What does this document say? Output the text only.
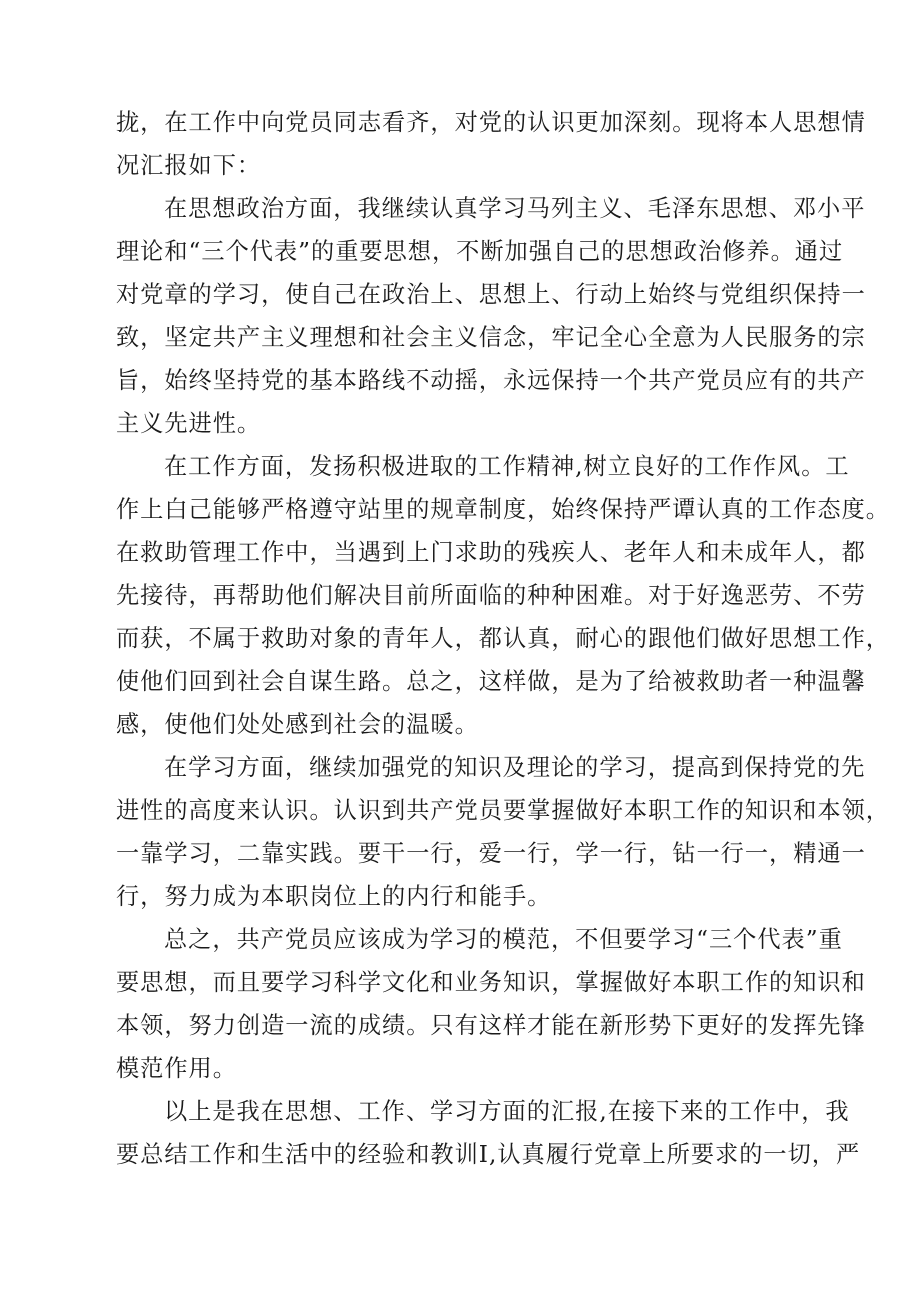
拢，在工作中向党员同志看齐，对党的认识更加深刻。现将本人思想情
况汇报如下：
在思想政治方面，我继续认真学习马列主义、毛泽东思想、邓小平
理论和“三个代表”的重要思想，不断加强自己的思想政治修养。通过
对党章的学习，使自己在政治上、思想上、行动上始终与党组织保持一
致，坚定共产主义理想和社会主义信念，牢记全心全意为人民服务的宗
旨，始终坚持党的基本路线不动摇，永远保持一个共产党员应有的共产
主义先进性。
在工作方面，发扬积极进取的工作精神,树立良好的工作作风。工
作上白己能够严格遵守站里的规章制度，始终保持严谭认真的工作态度。
在救助管理工作中，当遇到上门求助的残疾人、老年人和未成年人，都
先接待，再帮助他们解决目前所面临的种种困难。对于好逸恶劳、不劳
而获，不属于救助对象的青年人，都认真，耐心的跟他们做好思想工作，
使他们回到社会自谋生路。总之，这样做，是为了给被救助者一种温馨
感，使他们处处感到社会的温暖。
在学习方面，继续加强党的知识及理论的学习，提高到保持党的先
进性的高度来认识。认识到共产党员要掌握做好本职工作的知识和本领，
一靠学习，二靠实践。要干一行，爱一行，学一行，钻一行一，精通一
行，努力成为本职岗位上的内行和能手。
总之，共产党员应该成为学习的模范，不但要学习“三个代表”重
要思想，而且要学习科学文化和业务知识，掌握做好本职工作的知识和
本领，努力创造一流的成绩。只有这样才能在新形势下更好的发挥先锋
模范作用。
以上是我在思想、工作、学习方面的汇报,在接下来的工作中，我
要总结工作和生活中的经验和教训I,认真履行党章上所要求的一切，严
